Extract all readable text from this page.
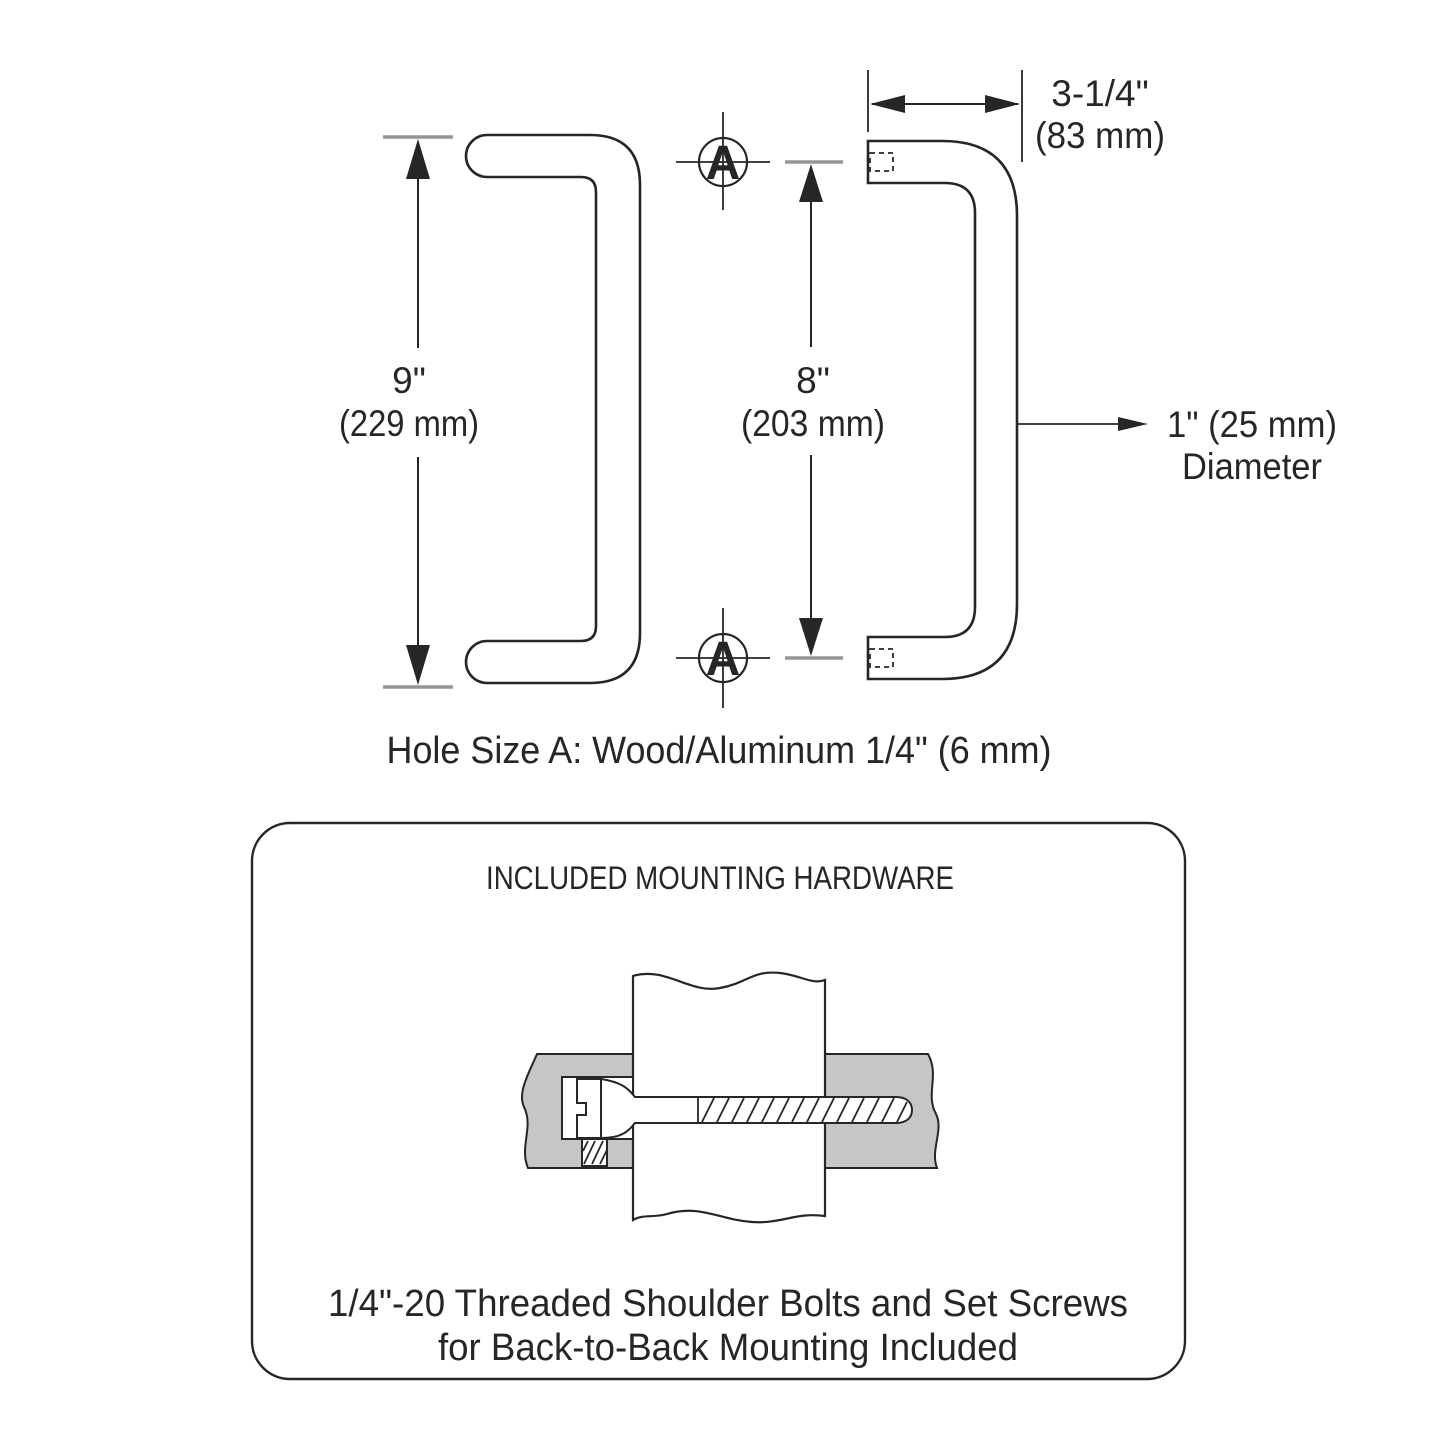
9"
(229 mm)
A
A
8"
(203 mm)
3-1/4"
(83 mm)
1" (25 mm)
Diameter
Hole Size A: Wood/Aluminum 1/4" (6 mm)
INCLUDED MOUNTING HARDWARE
1/4"-20 Threaded Shoulder Bolts and Set Screws
for Back-to-Back Mounting Included
